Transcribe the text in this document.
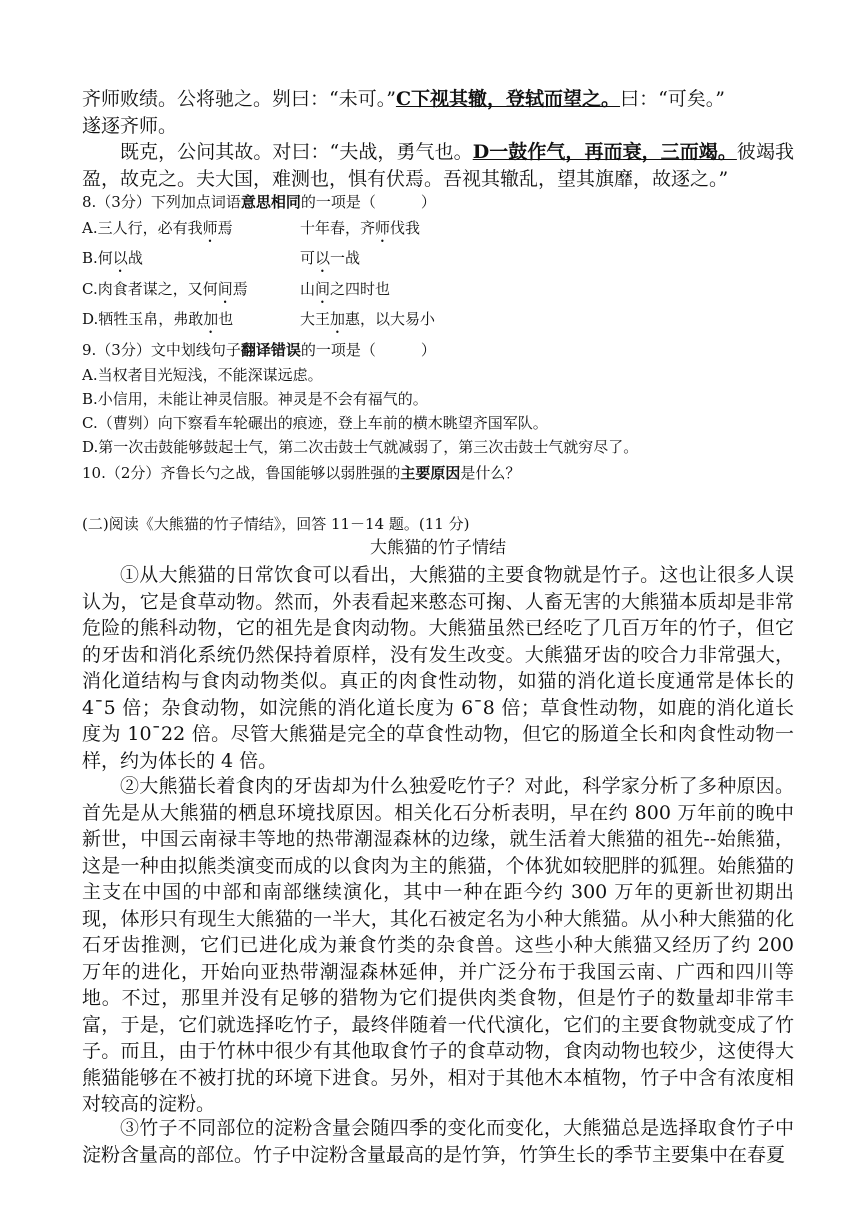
齐师败绩。公将驰之。刿曰：“未可。”C下视其辙，登轼而望之。曰：“可矣。”
遂逐齐师。
既克，公问其故。对曰：“夫战，勇气也。D一鼓作气，再而衰，三而竭。彼竭我盈，故克之。夫大国，难测也，惧有伏焉。吾视其辙乱，望其旗靡，故逐之。”
8.（3分）下列加点词语意思相同的一项是（　　　）
A.三人行，必有我师焉	十年春，齐师伐我
B.何以战	可以一战
C.肉食者谋之，又何间焉	山间之四时也
D.牺牲玉帛，弗敢加也	大王加惠，以大易小
9.（3分）文中划线句子翻译错误的一项是（　　　）
A.当权者目光短浅，不能深谋远虑。
B.小信用，未能让神灵信服。神灵是不会有福气的。
C.（曹刿）向下察看车轮碾出的痕迹，登上车前的横木眺望齐国军队。
D.第一次击鼓能够鼓起士气，第二次击鼓士气就减弱了，第三次击鼓士气就穷尽了。
10.（2分）齐鲁长勺之战，鲁国能够以弱胜强的主要原因是什么？
(二)阅读《大熊猫的竹子情结》，回答 11－14 题。(11 分)
大熊猫的竹子情结
①从大熊猫的日常饮食可以看出，大熊猫的主要食物就是竹子。这也让很多人误认为，它是食草动物。然而，外表看起来憨态可掬、人畜无害的大熊猫本质却是非常危险的熊科动物，它的祖先是食肉动物。大熊猫虽然已经吃了几百万年的竹子，但它的牙齿和消化系统仍然保持着原样，没有发生改变。大熊猫牙齿的咬合力非常强大，消化道结构与食肉动物类似。真正的肉食性动物，如猫的消化道长度通常是体长的 4¯5 倍；杂食动物，如浣熊的消化道长度为 6¯8 倍；草食性动物，如鹿的消化道长度为 10¯22 倍。尽管大熊猫是完全的草食性动物，但它的肠道全长和肉食性动物一样，约为体长的 4 倍。
②大熊猫长着食肉的牙齿却为什么独爱吃竹子？对此，科学家分析了多种原因。首先是从大熊猫的栖息环境找原因。相关化石分析表明，早在约 800 万年前的晚中新世，中国云南禄丰等地的热带潮湿森林的边缘，就生活着大熊猫的祖先--始熊猫，这是一种由拟熊类演变而成的以食肉为主的熊猫，个体犹如较肥胖的狐狸。始熊猫的主支在中国的中部和南部继续演化，其中一种在距今约 300 万年的更新世初期出现，体形只有现生大熊猫的一半大，其化石被定名为小种大熊猫。从小种大熊猫的化石牙齿推测，它们已进化成为兼食竹类的杂食兽。这些小种大熊猫又经历了约 200 万年的进化，开始向亚热带潮湿森林延伸，并广泛分布于我国云南、广西和四川等地。不过，那里并没有足够的猎物为它们提供肉类食物，但是竹子的数量却非常丰富，于是，它们就选择吃竹子，最终伴随着一代代演化，它们的主要食物就变成了竹子。而且，由于竹林中很少有其他取食竹子的食草动物，食肉动物也较少，这使得大熊猫能够在不被打扰的环境下进食。另外，相对于其他木本植物，竹子中含有浓度相对较高的淀粉。
③竹子不同部位的淀粉含量会随四季的变化而变化，大熊猫总是选择取食竹子中淀粉含量高的部位。竹子中淀粉含量最高的是竹笋，竹笋生长的季节主要集中在春夏
